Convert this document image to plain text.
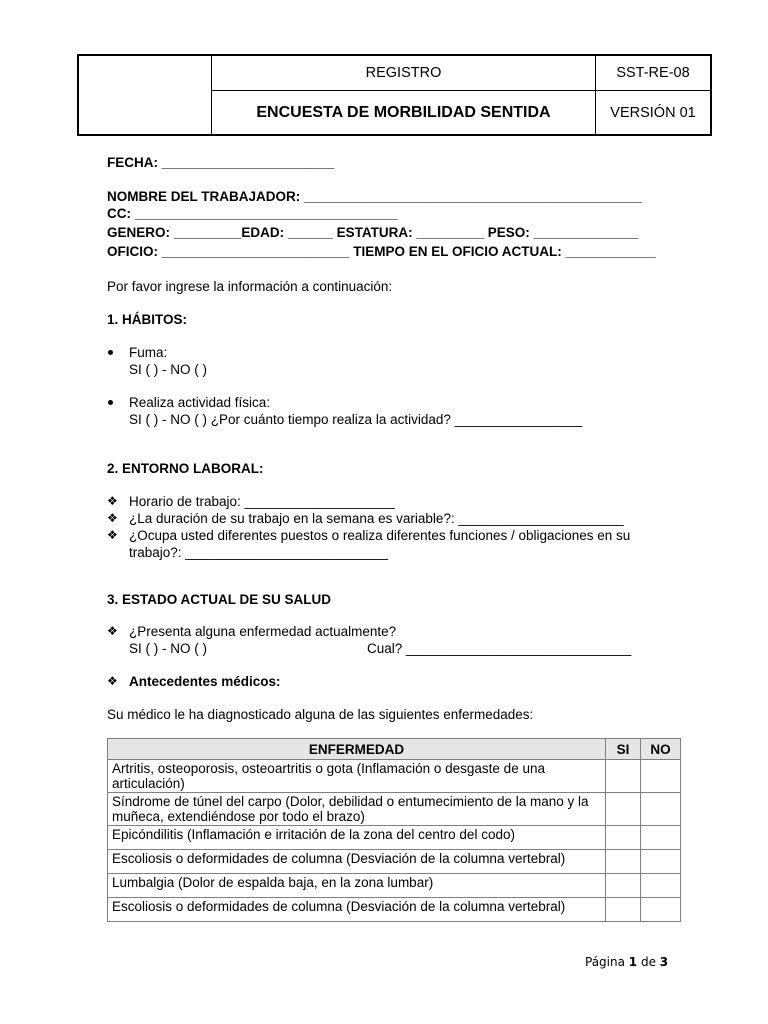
REGISTRO	SST-RE-08
ENCUESTA DE MORBILIDAD SENTIDA	VERSIÓN 01
FECHA: _______________________
NOMBRE DEL TRABAJADOR: _____________________________________________
CC: ___________________________________
GENERO: _________EDAD: ______ ESTATURA: _________ PESO: ______________
OFICIO: _________________________ TIEMPO EN EL OFICIO ACTUAL: ____________
Por favor ingrese la información a continuación:
1. HÁBITOS:
Fuma:
SI ( ) - NO ( )
Realiza actividad física:
SI ( ) - NO ( ) ¿Por cuánto tiempo realiza la actividad? _________________
2. ENTORNO LABORAL:
❖ Horario de trabajo: ____________________
❖ ¿La duración de su trabajo en la semana es variable?: ______________________
❖ ¿Ocupa usted diferentes puestos o realiza diferentes funciones / obligaciones en su
trabajo?: ___________________________
3. ESTADO ACTUAL DE SU SALUD
❖ ¿Presenta alguna enfermedad actualmente?
SI ( ) - NO ( )	Cual? ______________________________
❖ Antecedentes médicos:
Su médico le ha diagnosticado alguna de las siguientes enfermedades:
ENFERMEDAD	SI	NO
Artritis, osteoporosis, osteoartritis o gota (Inflamación o desgaste de una articulación)		
Síndrome de túnel del carpo (Dolor, debilidad o entumecimiento de la mano y la muñeca, extendiéndose por todo el brazo)		
Epicóndilitis (Inflamación e irritación de la zona del centro del codo)		
Escoliosis o deformidades de columna (Desviación de la columna vertebral)		
Lumbalgia (Dolor de espalda baja, en la zona lumbar)		
Escoliosis o deformidades de columna (Desviación de la columna vertebral)		
Página 1 de 3
